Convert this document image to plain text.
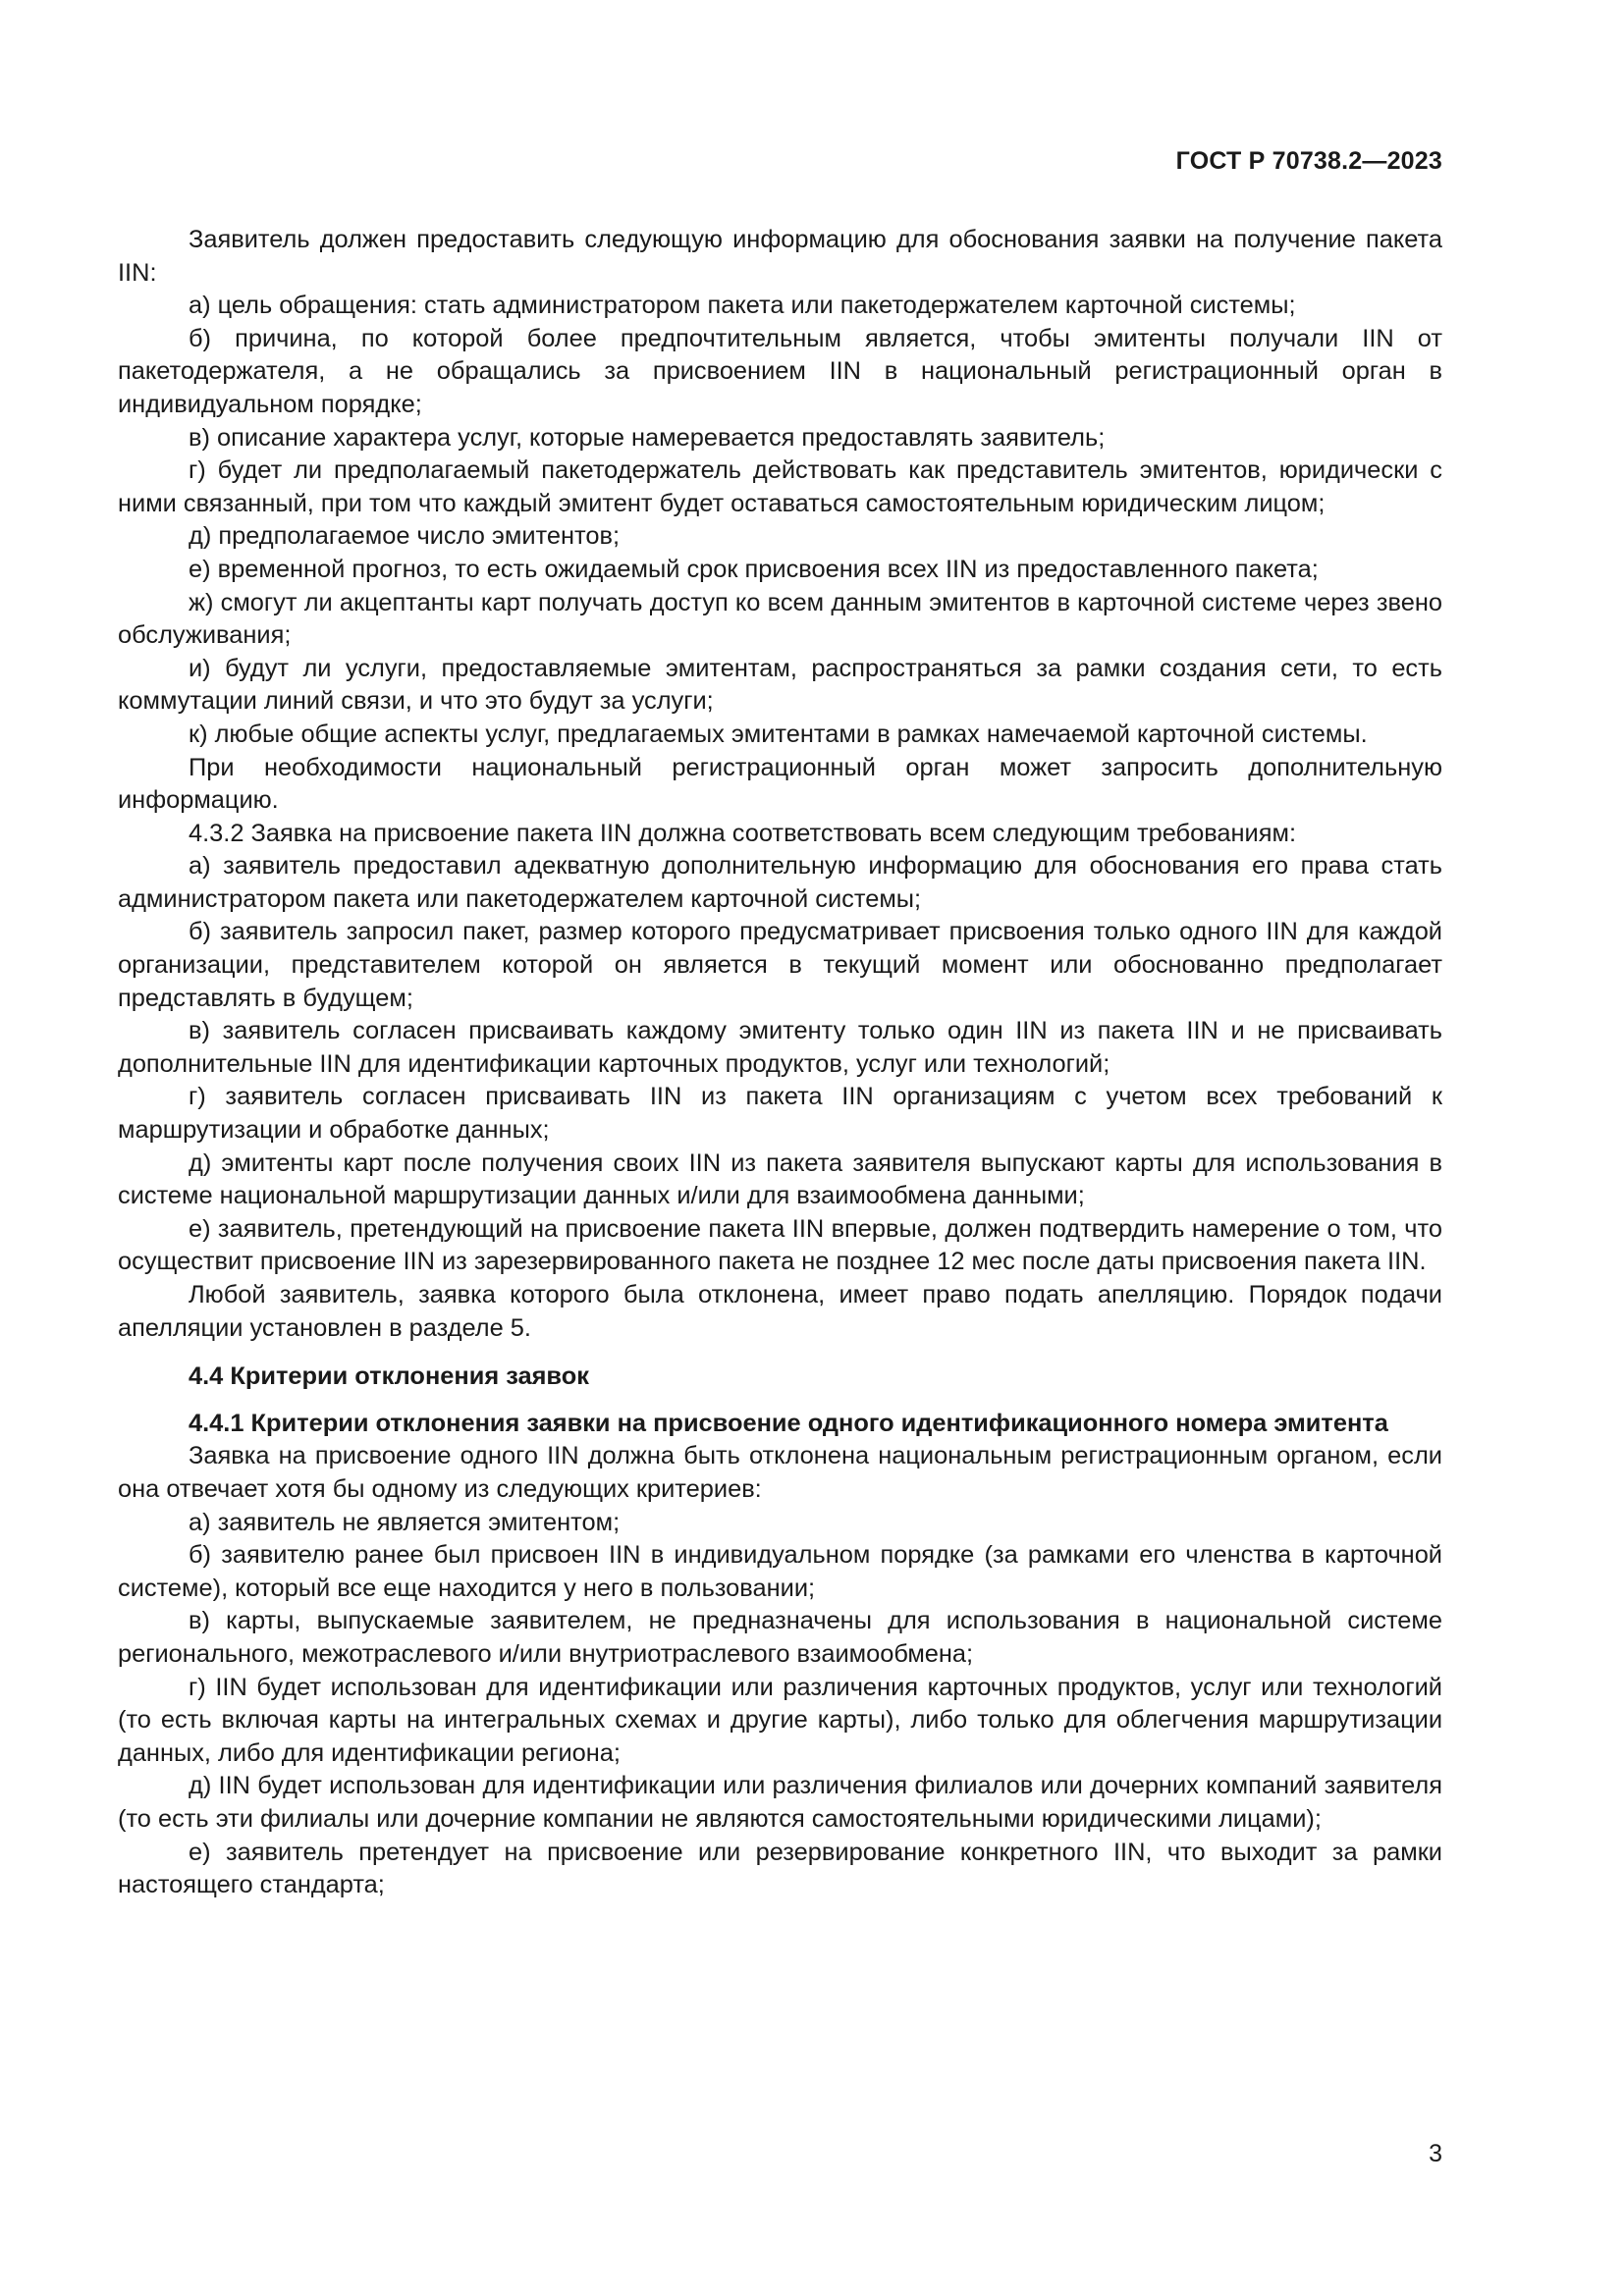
ГОСТ Р 70738.2—2023

Заявитель должен предоставить следующую информацию для обоснования заявки на получение пакета IIN:

а) цель обращения: стать администратором пакета или пакетодержателем карточной системы;

б) причина, по которой более предпочтительным является, чтобы эмитенты получали IIN от пакетодержателя, а не обращались за присвоением IIN в национальный регистрационный орган в индивидуальном порядке;

в) описание характера услуг, которые намеревается предоставлять заявитель;

г) будет ли предполагаемый пакетодержатель действовать как представитель эмитентов, юридически с ними связанный, при том что каждый эмитент будет оставаться самостоятельным юридическим лицом;

д) предполагаемое число эмитентов;

е) временной прогноз, то есть ожидаемый срок присвоения всех IIN из предоставленного пакета;

ж) смогут ли акцептанты карт получать доступ ко всем данным эмитентов в карточной системе через звено обслуживания;

и) будут ли услуги, предоставляемые эмитентам, распространяться за рамки создания сети, то есть коммутации линий связи, и что это будут за услуги;

к) любые общие аспекты услуг, предлагаемых эмитентами в рамках намечаемой карточной системы.

При необходимости национальный регистрационный орган может запросить дополнительную информацию.

4.3.2 Заявка на присвоение пакета IIN должна соответствовать всем следующим требованиям:

а) заявитель предоставил адекватную дополнительную информацию для обоснования его права стать администратором пакета или пакетодержателем карточной системы;

б) заявитель запросил пакет, размер которого предусматривает присвоения только одного IIN для каждой организации, представителем которой он является в текущий момент или обоснованно предполагает представлять в будущем;

в) заявитель согласен присваивать каждому эмитенту только один IIN из пакета IIN и не присваивать дополнительные IIN для идентификации карточных продуктов, услуг или технологий;

г) заявитель согласен присваивать IIN из пакета IIN организациям с учетом всех требований к маршрутизации и обработке данных;

д) эмитенты карт после получения своих IIN из пакета заявителя выпускают карты для использования в системе национальной маршрутизации данных и/или для взаимообмена данными;

е) заявитель, претендующий на присвоение пакета IIN впервые, должен подтвердить намерение о том, что осуществит присвоение IIN из зарезервированного пакета не позднее 12 мес после даты присвоения пакета IIN.

Любой заявитель, заявка которого была отклонена, имеет право подать апелляцию. Порядок подачи апелляции установлен в разделе 5.

4.4 Критерии отклонения заявок
4.4.1 Критерии отклонения заявки на присвоение одного идентификационного номера эмитента

Заявка на присвоение одного IIN должна быть отклонена национальным регистрационным органом, если она отвечает хотя бы одному из следующих критериев:

а) заявитель не является эмитентом;

б) заявителю ранее был присвоен IIN в индивидуальном порядке (за рамками его членства в карточной системе), который все еще находится у него в пользовании;

в) карты, выпускаемые заявителем, не предназначены для использования в национальной системе регионального, межотраслевого и/или внутриотраслевого взаимообмена;

г) IIN будет использован для идентификации или различения карточных продуктов, услуг или технологий (то есть включая карты на интегральных схемах и другие карты), либо только для облегчения маршрутизации данных, либо для идентификации региона;

д) IIN будет использован для идентификации или различения филиалов или дочерних компаний заявителя (то есть эти филиалы или дочерние компании не являются самостоятельными юридическими лицами);

е) заявитель претендует на присвоение или резервирование конкретного IIN, что выходит за рамки настоящего стандарта;

3
